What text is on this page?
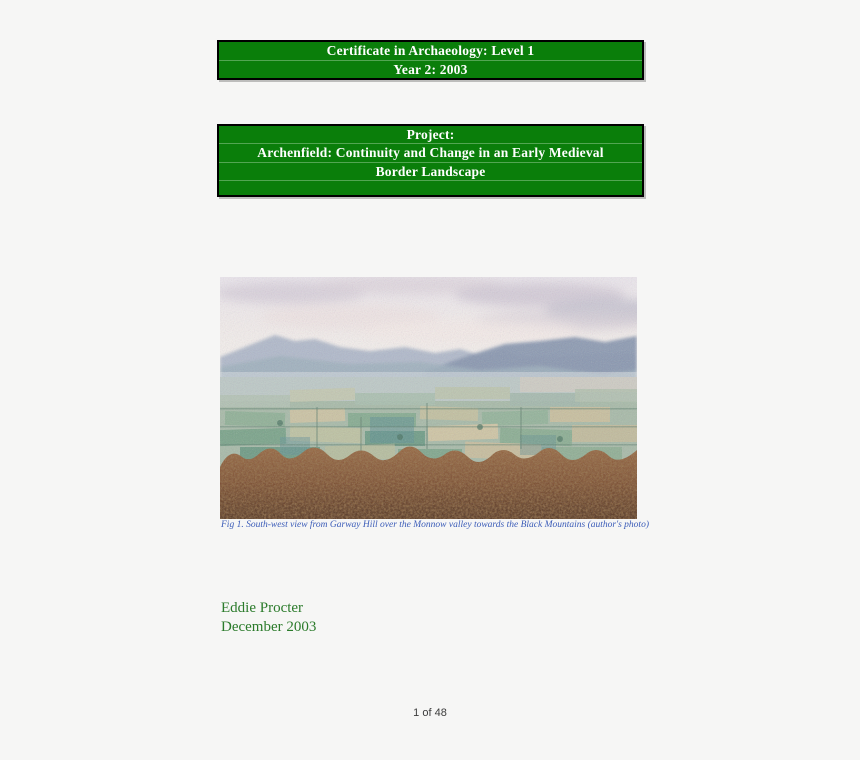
Certificate in Archaeology: Level 1
Year 2: 2003
Project:
Archenfield: Continuity and Change in an Early Medieval
Border Landscape
Fig 1. South-west view from Garway Hill over the Monnow valley towards the Black Mountains (author's photo)
Eddie Procter
December 2003
1 of 48
